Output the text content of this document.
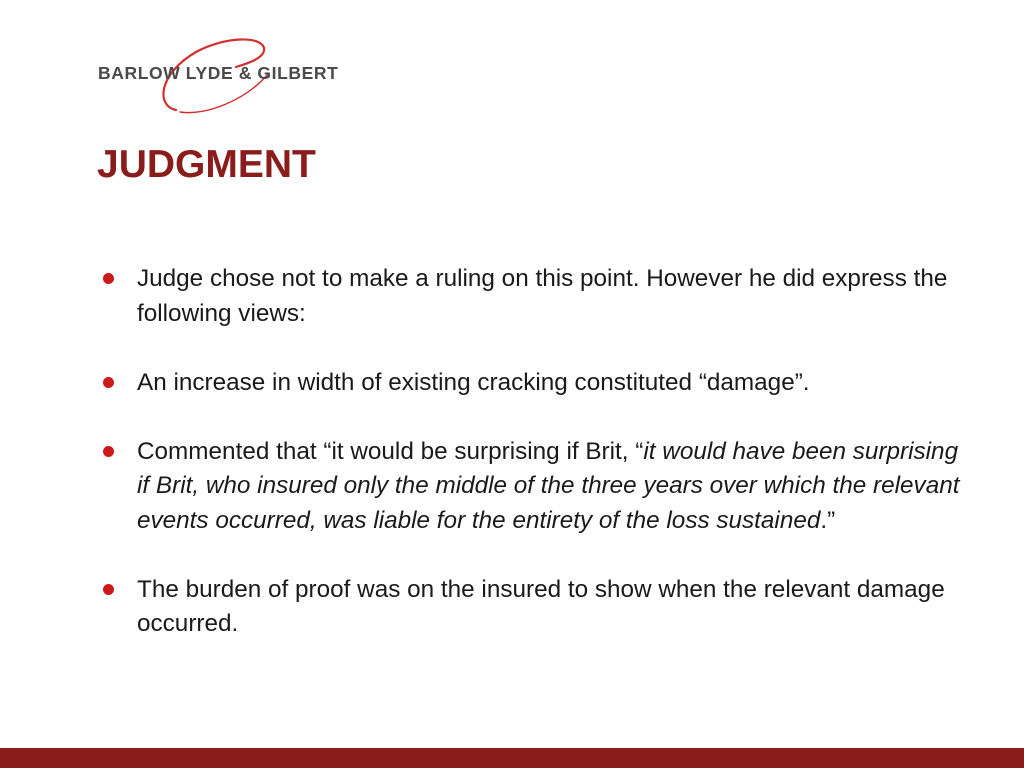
BARLOW LYDE & GILBERT
JUDGMENT
Judge chose not to make a ruling on this point. However he did express the following views:
An increase in width of existing cracking constituted “damage”.
Commented that “it would be surprising if Brit, “it would have been surprising if Brit, who insured only the middle of the three years over which the relevant events occurred, was liable for the entirety of the loss sustained.”
The burden of proof was on the insured to show when the relevant damage occurred.
